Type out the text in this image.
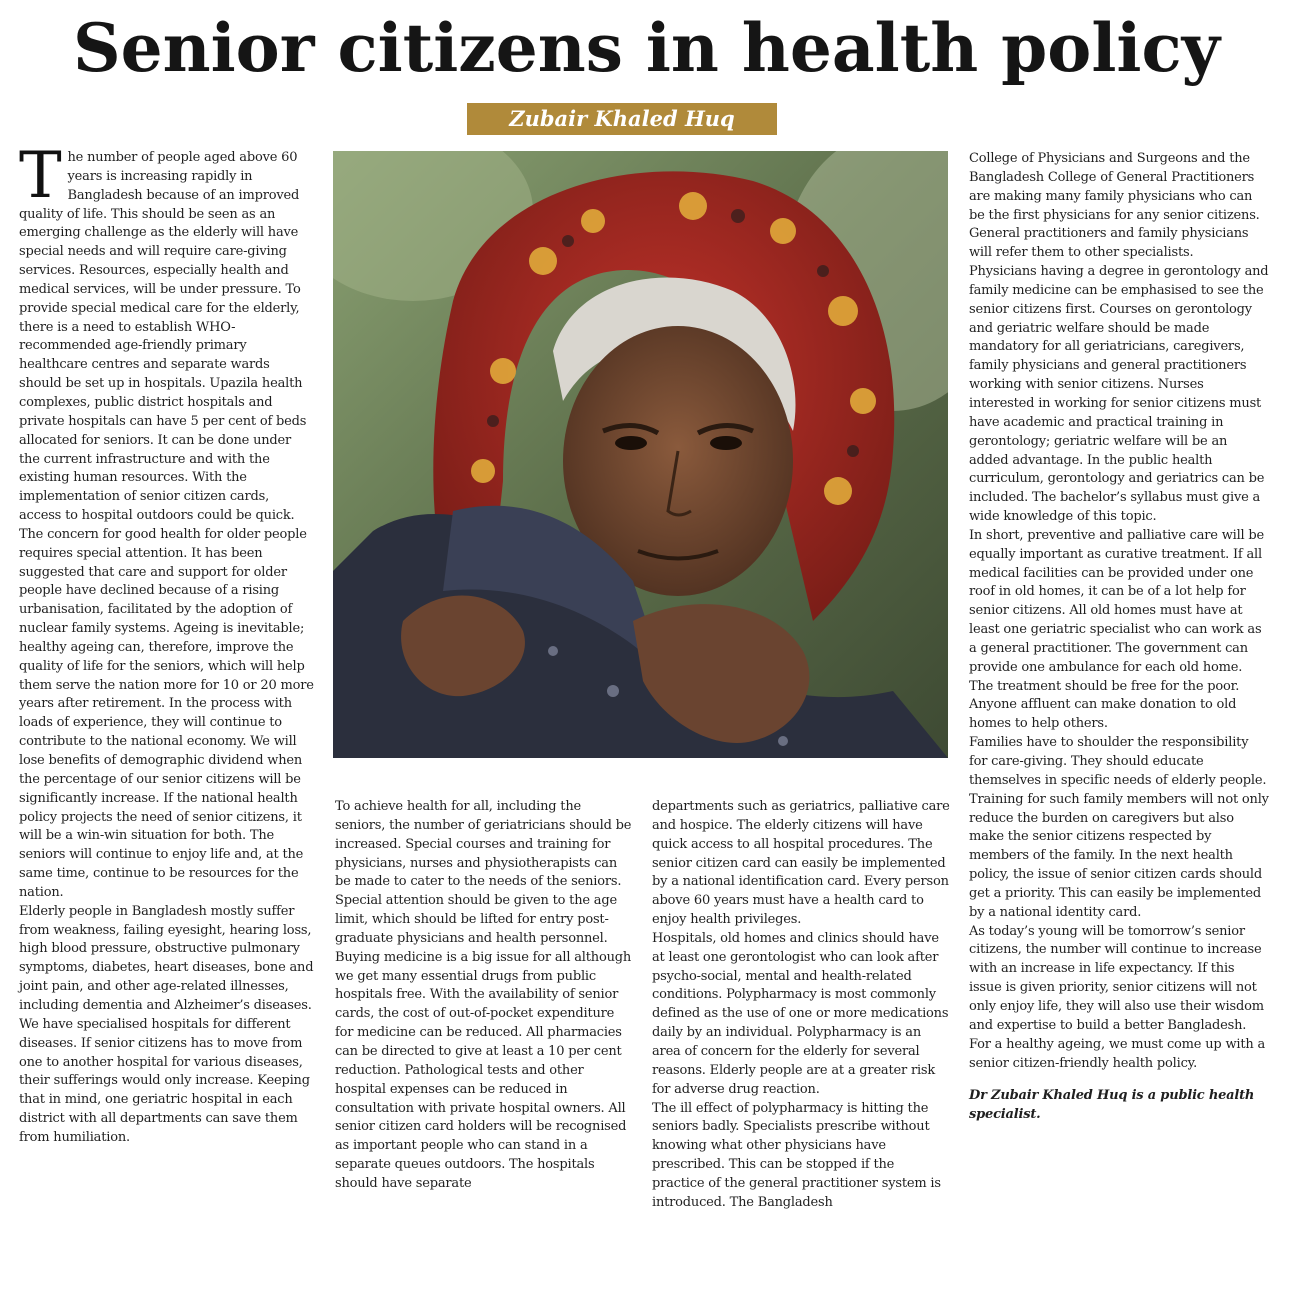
Senior citizens in health policy
Zubair Khaled Huq

The number of people aged above 60 years is increasing rapidly in Bangladesh because of an improved quality of life. This should be seen as an emerging challenge as the elderly will have special needs and will require care-giving services. Resources, especially health and medical services, will be under pressure. To provide special medical care for the elderly, there is a need to establish WHO-recommended age-friendly primary healthcare centres and separate wards should be set up in hospitals. Upazila health complexes, public district hospitals and private hospitals can have 5 per cent of beds allocated for seniors. It can be done under the current infrastructure and with the existing human resources. With the implementation of senior citizen cards, access to hospital outdoors could be quick.

The concern for good health for older people requires special attention. It has been suggested that care and support for older people have declined because of a rising urbanisation, facilitated by the adoption of nuclear family systems. Ageing is inevitable; healthy ageing can, therefore, improve the quality of life for the seniors, which will help them serve the nation more for 10 or 20 more years after retirement. In the process with loads of experience, they will continue to contribute to the national economy. We will lose benefits of demographic dividend when the percentage of our senior citizens will be significantly increase. If the national health policy projects the need of senior citizens, it will be a win-win situation for both. The seniors will continue to enjoy life and, at the same time, continue to be resources for the nation.

Elderly people in Bangladesh mostly suffer from weakness, failing eyesight, hearing loss, high blood pressure, obstructive pulmonary symptoms, diabetes, heart diseases, bone and joint pain, and other age-related illnesses, including dementia and Alzheimer’s diseases. We have specialised hospitals for different diseases. If senior citizens has to move from one to another hospital for various diseases, their sufferings would only increase. Keeping that in mind, one geriatric hospital in each district with all departments can save them from humiliation.

To achieve health for all, including the seniors, the number of geriatricians should be increased. Special courses and training for physicians, nurses and physiotherapists can be made to cater to the needs of the seniors. Special attention should be given to the age limit, which should be lifted for entry post-graduate physicians and health personnel.

Buying medicine is a big issue for all although we get many essential drugs from public hospitals free. With the availability of senior cards, the cost of out-of-pocket expenditure for medicine can be reduced. All pharmacies can be directed to give at least a 10 per cent reduction. Pathological tests and other hospital expenses can be reduced in consultation with private hospital owners. All senior citizen card holders will be recognised as important people who can stand in a separate queues outdoors. The hospitals should have separate

departments such as geriatrics, palliative care and hospice. The elderly citizens will have quick access to all hospital procedures. The senior citizen card can easily be implemented by a national identification card. Every person above 60 years must have a health card to enjoy health privileges.

Hospitals, old homes and clinics should have at least one gerontologist who can look after psycho-social, mental and health-related conditions. Polypharmacy is most commonly defined as the use of one or more medications daily by an individual. Polypharmacy is an area of concern for the elderly for several reasons. Elderly people are at a greater risk for adverse drug reaction.

The ill effect of polypharmacy is hitting the seniors badly. Specialists prescribe without knowing what other physicians have prescribed. This can be stopped if the practice of the general practitioner system is introduced. The Bangladesh

College of Physicians and Surgeons and the Bangladesh College of General Practitioners are making many family physicians who can be the first physicians for any senior citizens. General practitioners and family physicians will refer them to other specialists.

Physicians having a degree in gerontology and family medicine can be emphasised to see the senior citizens first. Courses on gerontology and geriatric welfare should be made mandatory for all geriatricians, caregivers, family physicians and general practitioners working with senior citizens. Nurses interested in working for senior citizens must have academic and practical training in gerontology; geriatric welfare will be an added advantage. In the public health curriculum, gerontology and geriatrics can be included. The bachelor’s syllabus must give a wide knowledge of this topic.

In short, preventive and palliative care will be equally important as curative treatment. If all medical facilities can be provided under one roof in old homes, it can be of a lot help for senior citizens. All old homes must have at least one geriatric specialist who can work as a general practitioner. The government can provide one ambulance for each old home. The treatment should be free for the poor. Anyone affluent can make donation to old homes to help others.

Families have to shoulder the responsibility for care-giving. They should educate themselves in specific needs of elderly people. Training for such family members will not only reduce the burden on caregivers but also make the senior citizens respected by members of the family. In the next health policy, the issue of senior citizen cards should get a priority. This can easily be implemented by a national identity card.

As today’s young will be tomorrow’s senior citizens, the number will continue to increase with an increase in life expectancy. If this issue is given priority, senior citizens will not only enjoy life, they will also use their wisdom and expertise to build a better Bangladesh. For a healthy ageing, we must come up with a senior citizen-friendly health policy.

Dr Zubair Khaled Huq is a public health specialist.
